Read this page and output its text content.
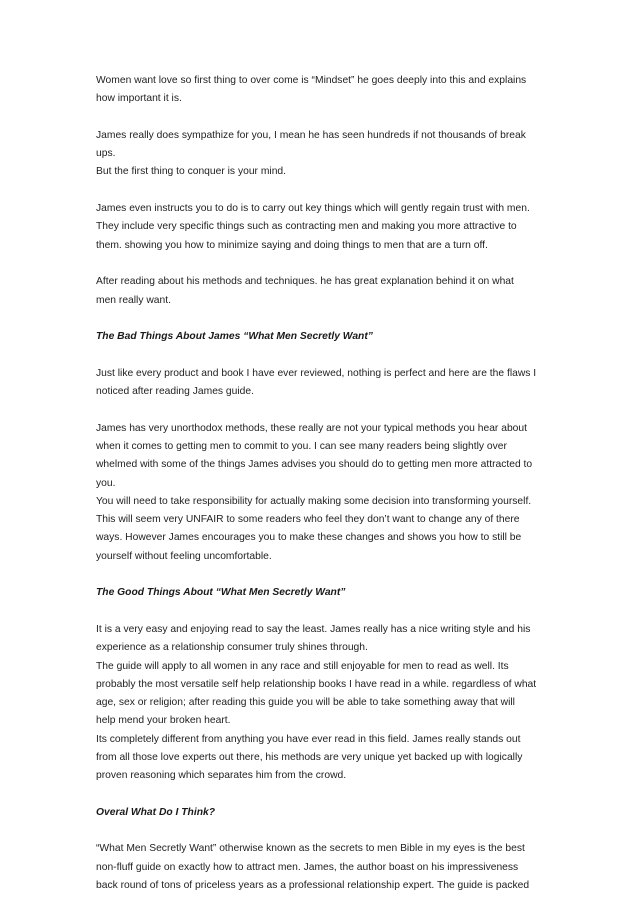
Women want love so first thing to over come is “Mindset” he goes deeply into this and explains

how important it is.

James really does sympathize for you, I mean he has seen hundreds if not thousands of break ups.

But the first thing to conquer is your mind.

James even instructs you to do is to carry out key things which will gently regain trust with men.

They include very specific things such as contracting men and making you more attractive to

them. showing you how to minimize saying and doing things to men that are a turn off.

After reading about his methods and techniques. he has great explanation behind it on what

men really want.

The Bad Things About James “What Men Secretly Want”

Just like every product and book I have ever reviewed, nothing is perfect and here are the flaws I

noticed after reading James guide.

James has very unorthodox methods, these really are not your typical methods you hear about

when it comes to getting men to commit to you. I can see many readers being slightly over

whelmed with some of the things James advises you should do to getting men more attracted to

you.

You will need to take responsibility for actually making some decision into transforming yourself.

This will seem very UNFAIR to some readers who feel they don’t want to change any of there

ways. However James encourages you to make these changes and shows you how to still be

yourself without feeling uncomfortable.

The Good Things About “What Men Secretly Want”

It is a very easy and enjoying read to say the least. James really has a nice writing style and his

experience as a relationship consumer truly shines through.

The guide will apply to all women in any race and still enjoyable for men to read as well. Its

probably the most versatile self help relationship books I have read in a while. regardless of what

age, sex or religion; after reading this guide you will be able to take something away that will

help mend your broken heart.

Its completely different from anything you have ever read in this field. James really stands out

from all those love experts out there, his methods are very unique yet backed up with logically

proven reasoning which separates him from the crowd.

Overal What Do I Think?

“What Men Secretly Want” otherwise known as the secrets to men Bible in my eyes is the best

non-fluff guide on exactly how to attract men. James, the author boast on his impressiveness

back round of tons of priceless years as a professional relationship expert. The guide is packed
